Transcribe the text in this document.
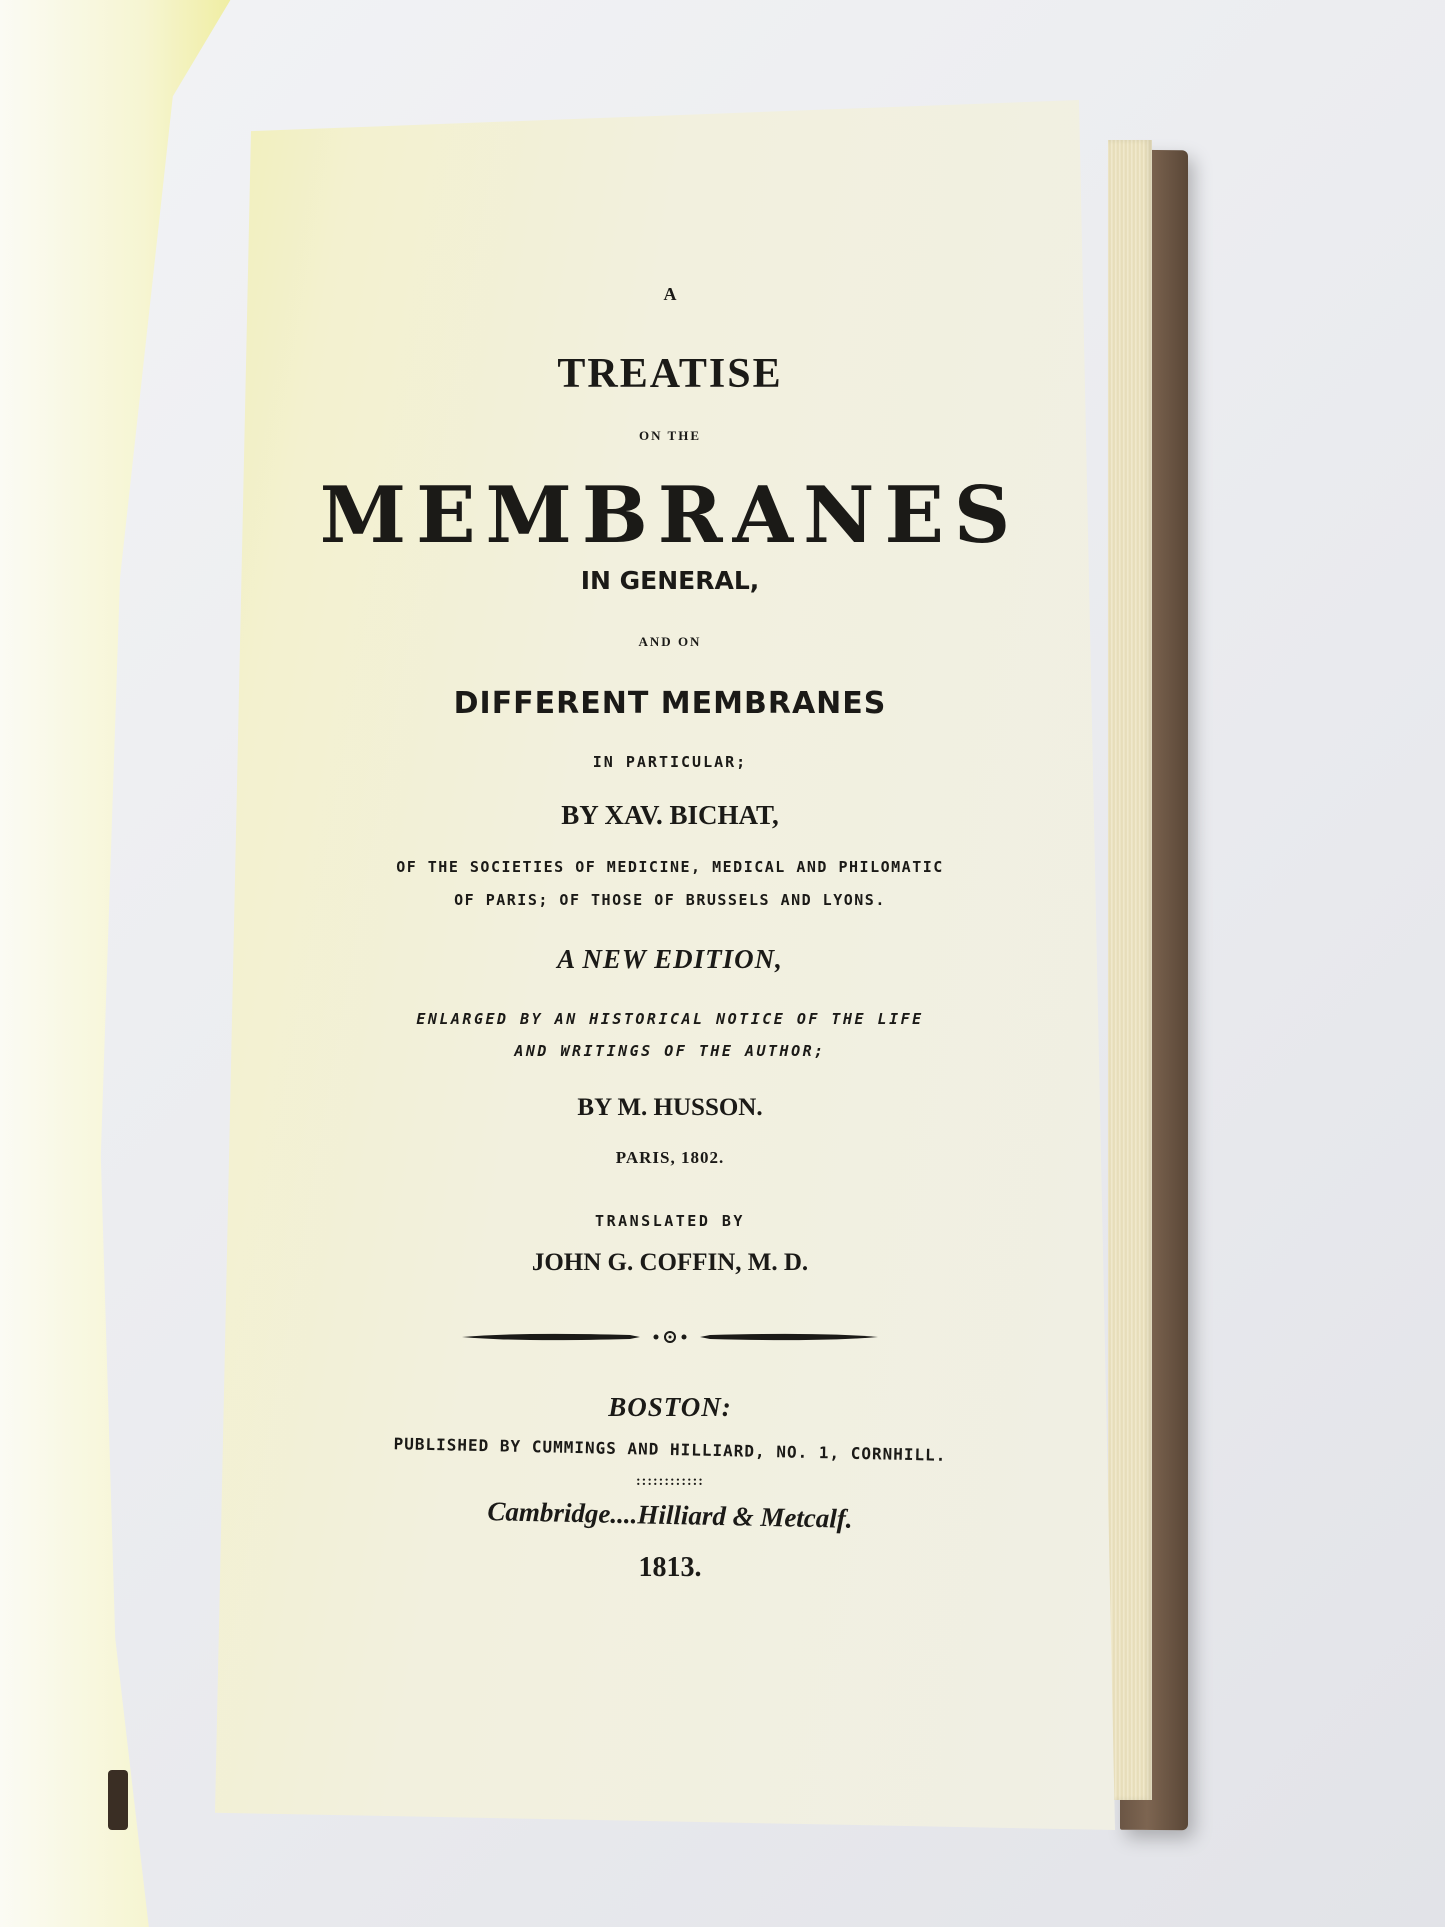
A
TREATISE
ON THE
MEMBRANES
IN GENERAL,
AND ON
DIFFERENT MEMBRANES
IN PARTICULAR;
BY XAV. BICHAT,
OF THE SOCIETIES OF MEDICINE, MEDICAL AND PHILOMATIC
OF PARIS; OF THOSE OF BRUSSELS AND LYONS.
A NEW EDITION,
ENLARGED BY AN HISTORICAL NOTICE OF THE LIFE
AND WRITINGS OF THE AUTHOR;
BY M. HUSSON.
PARIS, 1802.
TRANSLATED BY
JOHN G. COFFIN, M. D.
BOSTON:
PUBLISHED BY CUMMINGS AND HILLIARD, NO. 1, CORNHILL.
::::::::::::
Cambridge....Hilliard & Metcalf.
1813.
